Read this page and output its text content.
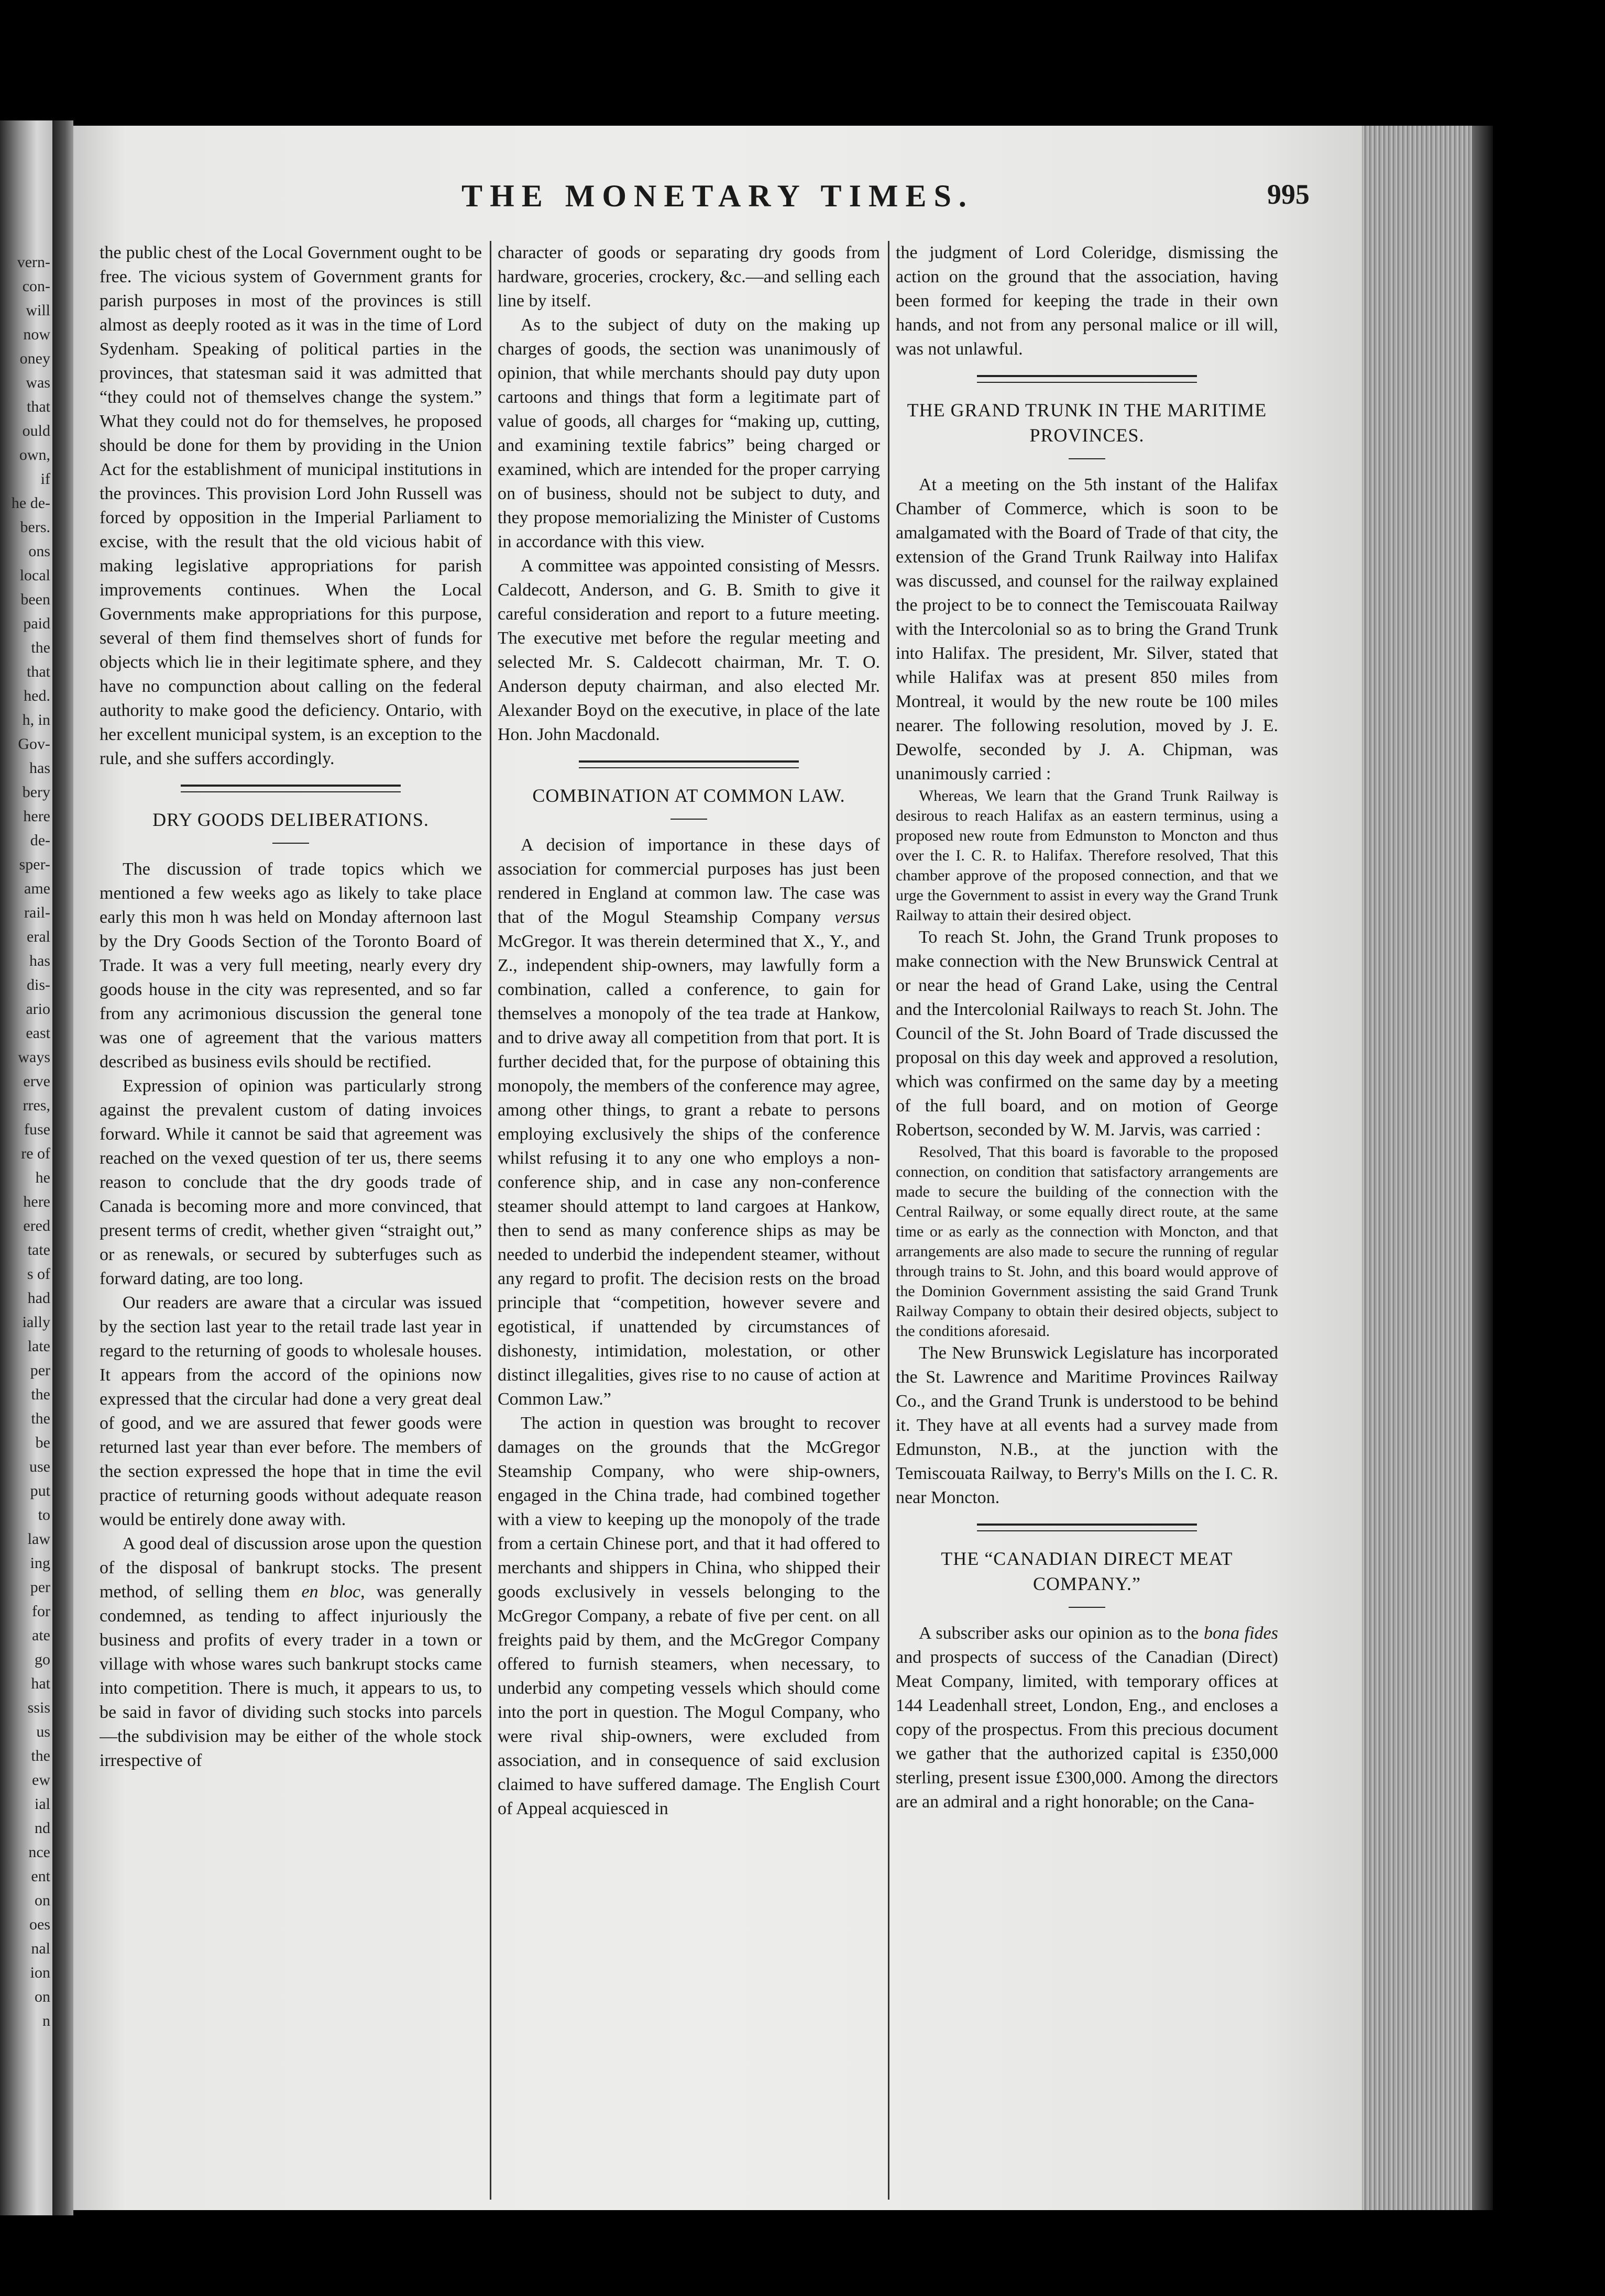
vern-
con-
will
now
oney
was
that
ould
own,
if
he de-
bers.
ons
local
been
paid
the
that
hed.
h, in
Gov-
has
bery
here
de-
sper-
ame
rail-
eral
has
dis-
ario
east
ways
erve
rres,
fuse
re of
he
here
ered
tate
s of
had
ially
late
per
the
the
be
use
put
to
law
ing
per
for
ate
go
hat
ssis
us
the
ew
ial
nd
nce
ent
on
oes
nal
ion
on
n
THE MONETARY TIMES.	995

the public chest of the Local Government ought to be free. The vicious system of Government grants for parish purposes in most of the provinces is still almost as deeply rooted as it was in the time of Lord Sydenham. Speaking of political parties in the provinces, that statesman said it was admitted that “they could not of themselves change the system.” What they could not do for themselves, he proposed should be done for them by providing in the Union Act for the establishment of municipal institutions in the provinces. This provision Lord John Russell was forced by opposition in the Imperial Parliament to excise, with the result that the old vicious habit of making legislative appropriations for parish improvements continues. When the Local Governments make appropriations for this purpose, several of them find themselves short of funds for objects which lie in their legitimate sphere, and they have no compunction about calling on the federal authority to make good the deficiency. Ontario, with her excellent municipal system, is an exception to the rule, and she suffers accordingly.

DRY GOODS DELIBERATIONS.

The discussion of trade topics which we mentioned a few weeks ago as likely to take place early this mon h was held on Monday afternoon last by the Dry Goods Section of the Toronto Board of Trade. It was a very full meeting, nearly every dry goods house in the city was represented, and so far from any acrimonious discussion the general tone was one of agreement that the various matters described as business evils should be rectified.

Expression of opinion was particularly strong against the prevalent custom of dating invoices forward. While it cannot be said that agreement was reached on the vexed question of ter us, there seems reason to conclude that the dry goods trade of Canada is becoming more and more convinced, that present terms of credit, whether given “straight out,” or as renewals, or secured by subterfuges such as forward dating, are too long.

Our readers are aware that a circular was issued by the section last year to the retail trade last year in regard to the returning of goods to wholesale houses. It appears from the accord of the opinions now expressed that the circular had done a very great deal of good, and we are assured that fewer goods were returned last year than ever before. The members of the section expressed the hope that in time the evil practice of returning goods without adequate reason would be entirely done away with.

A good deal of discussion arose upon the question of the disposal of bankrupt stocks. The present method, of selling them en bloc, was generally condemned, as tending to affect injuriously the business and profits of every trader in a town or village with whose wares such bankrupt stocks came into competition. There is much, it appears to us, to be said in favor of dividing such stocks into parcels—the subdivision may be either of the whole stock irrespective of

character of goods or separating dry goods from hardware, groceries, crockery, &c.—and selling each line by itself.

As to the subject of duty on the making up charges of goods, the section was unanimously of opinion, that while merchants should pay duty upon cartoons and things that form a legitimate part of value of goods, all charges for “making up, cutting, and examining textile fabrics” being charged or examined, which are intended for the proper carrying on of business, should not be subject to duty, and they propose memorializing the Minister of Customs in accordance with this view.

A committee was appointed consisting of Messrs. Caldecott, Anderson, and G. B. Smith to give it careful consideration and report to a future meeting. The executive met before the regular meeting and selected Mr. S. Caldecott chairman, Mr. T. O. Anderson deputy chairman, and also elected Mr. Alexander Boyd on the executive, in place of the late Hon. John Macdonald.

COMBINATION AT COMMON LAW.

A decision of importance in these days of association for commercial purposes has just been rendered in England at common law. The case was that of the Mogul Steamship Company versus McGregor. It was therein determined that X., Y., and Z., independent ship-owners, may lawfully form a combination, called a conference, to gain for themselves a monopoly of the tea trade at Hankow, and to drive away all competition from that port. It is further decided that, for the purpose of obtaining this monopoly, the members of the conference may agree, among other things, to grant a rebate to persons employing exclusively the ships of the conference whilst refusing it to any one who employs a non-conference ship, and in case any non-conference steamer should attempt to land cargoes at Hankow, then to send as many conference ships as may be needed to underbid the independent steamer, without any regard to profit. The decision rests on the broad principle that “competition, however severe and egotistical, if unattended by circumstances of dishonesty, intimidation, molestation, or other distinct illegalities, gives rise to no cause of action at Common Law.”

The action in question was brought to recover damages on the grounds that the McGregor Steamship Company, who were ship-owners, engaged in the China trade, had combined together with a view to keeping up the monopoly of the trade from a certain Chinese port, and that it had offered to merchants and shippers in China, who shipped their goods exclusively in vessels belonging to the McGregor Company, a rebate of five per cent. on all freights paid by them, and the McGregor Company offered to furnish steamers, when necessary, to underbid any competing vessels which should come into the port in question. The Mogul Company, who were rival ship-owners, were excluded from association, and in consequence of said exclusion claimed to have suffered damage. The English Court of Appeal acquiesced in

the judgment of Lord Coleridge, dismissing the action on the ground that the association, having been formed for keeping the trade in their own hands, and not from any personal malice or ill will, was not unlawful.

THE GRAND TRUNK IN THE MARITIME PROVINCES.

At a meeting on the 5th instant of the Halifax Chamber of Commerce, which is soon to be amalgamated with the Board of Trade of that city, the extension of the Grand Trunk Railway into Halifax was discussed, and counsel for the railway explained the project to be to connect the Temiscouata Railway with the Intercolonial so as to bring the Grand Trunk into Halifax. The president, Mr. Silver, stated that while Halifax was at present 850 miles from Montreal, it would by the new route be 100 miles nearer. The following resolution, moved by J. E. Dewolfe, seconded by J. A. Chipman, was unanimously carried :

Whereas, We learn that the Grand Trunk Railway is desirous to reach Halifax as an eastern terminus, using a proposed new route from Edmunston to Moncton and thus over the I. C. R. to Halifax. Therefore resolved, That this chamber approve of the proposed connection, and that we urge the Government to assist in every way the Grand Trunk Railway to attain their desired object.

To reach St. John, the Grand Trunk proposes to make connection with the New Brunswick Central at or near the head of Grand Lake, using the Central and the Intercolonial Railways to reach St. John. The Council of the St. John Board of Trade discussed the proposal on this day week and approved a resolution, which was confirmed on the same day by a meeting of the full board, and on motion of George Robertson, seconded by W. M. Jarvis, was carried :

Resolved, That this board is favorable to the proposed connection, on condition that satisfactory arrangements are made to secure the building of the connection with the Central Railway, or some equally direct route, at the same time or as early as the connection with Moncton, and that arrangements are also made to secure the running of regular through trains to St. John, and this board would approve of the Dominion Government assisting the said Grand Trunk Railway Company to obtain their desired objects, subject to the conditions aforesaid.

The New Brunswick Legislature has incorporated the St. Lawrence and Maritime Provinces Railway Co., and the Grand Trunk is understood to be behind it. They have at all events had a survey made from Edmunston, N.B., at the junction with the Temiscouata Railway, to Berry's Mills on the I. C. R. near Moncton.

THE “CANADIAN DIRECT MEAT COMPANY.”

A subscriber asks our opinion as to the bona fides and prospects of success of the Canadian (Direct) Meat Company, limited, with temporary offices at 144 Leadenhall street, London, Eng., and encloses a copy of the prospectus. From this precious document we gather that the authorized capital is £350,000 sterling, present issue £300,000. Among the directors are an admiral and a right honorable; on the Cana-
